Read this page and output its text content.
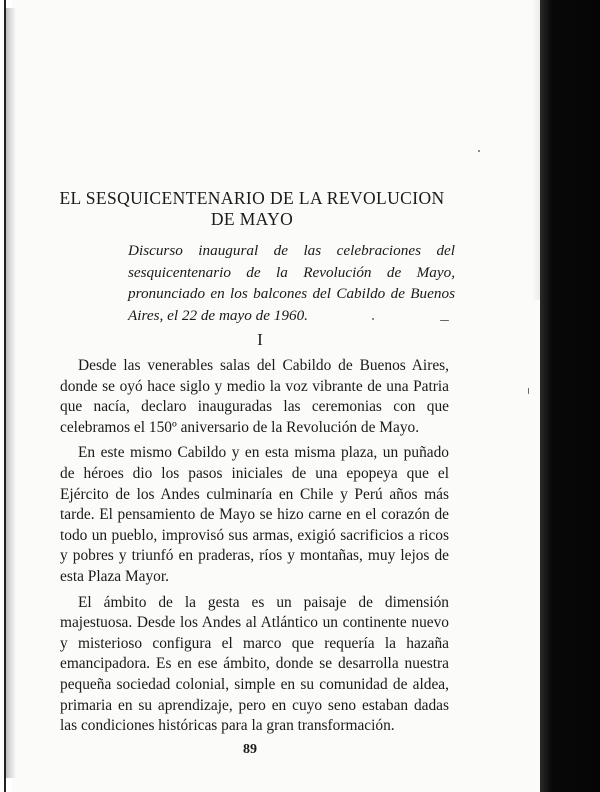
EL SESQUICENTENARIO DE LA REVOLUCION
DE MAYO

Discurso inaugural de las celebraciones del sesquicentenario de la Revolución de Mayo, pronunciado en los balcones del Cabildo de Buenos Aires, el 22 de mayo de 1960.

I

Desde las venerables salas del Cabildo de Buenos Aires, donde se oyó hace siglo y medio la voz vibrante de una Patria que nacía, declaro inauguradas las ceremonias con que celebramos el 150º aniversario de la Revolución de Mayo.

En este mismo Cabildo y en esta misma plaza, un puñado de héroes dio los pasos iniciales de una epopeya que el Ejército de los Andes culminaría en Chile y Perú años más tarde. El pensamiento de Mayo se hizo carne en el corazón de todo un pueblo, improvisó sus armas, exigió sacrificios a ricos y pobres y triunfó en praderas, ríos y montañas, muy lejos de esta Plaza Mayor.

El ámbito de la gesta es un paisaje de dimensión majestuosa. Desde los Andes al Atlántico un continente nuevo y misterioso configura el marco que requería la hazaña emancipadora. Es en ese ámbito, donde se desarrolla nuestra pequeña sociedad colonial, simple en su comunidad de aldea, primaria en su aprendizaje, pero en cuyo seno estaban dadas las condiciones históricas para la gran transformación.

89
